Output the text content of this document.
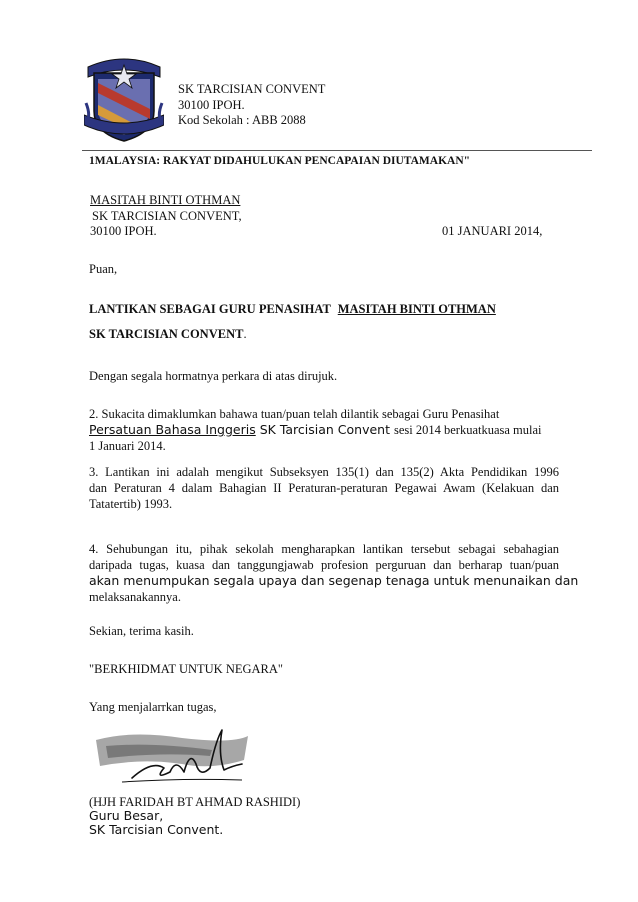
SK TARCISIAN CONVENT
30100 IPOH.
Kod Sekolah : ABB 2088
1MALAYSIA: RAKYAT DIDAHULUKAN PENCAPAIAN DIUTAMAKAN"
MASITAH BINTI OTHMAN
SK TARCISIAN CONVENT,
30100 IPOH.	01 JANUARI 2014,
Puan,
LANTIKAN SEBAGAI GURU PENASIHAT MASITAH BINTI OTHMAN
SK TARCISIAN CONVENT.
Dengan segala hormatnya perkara di atas dirujuk.
2. Sukacita dimaklumkan bahawa tuan/puan telah dilantik sebagai Guru Penasihat
Persatuan Bahasa Inggeris SK Tarcisian Convent sesi 2014 berkuatkuasa mulai
1 Januari 2014.
3. Lantikan ini adalah mengikut Subseksyen 135(1) dan 135(2) Akta Pendidikan 1996
dan Peraturan 4 dalam Bahagian II Peraturan-peraturan Pegawai Awam (Kelakuan dan
Tatatertib) 1993.
4. Sehubungan itu, pihak sekolah mengharapkan lantikan tersebut sebagai sebahagian
daripada tugas, kuasa dan tanggungjawab profesion perguruan dan berharap tuan/puan
akan menumpukan segala upaya dan segenap tenaga untuk menunaikan dan
melaksanakannya.
Sekian, terima kasih.
"BERKHIDMAT UNTUK NEGARA"
Yang menjalarrkan tugas,
(HJH FARIDAH BT AHMAD RASHIDI)
Guru Besar,
SK Tarcisian Convent.
